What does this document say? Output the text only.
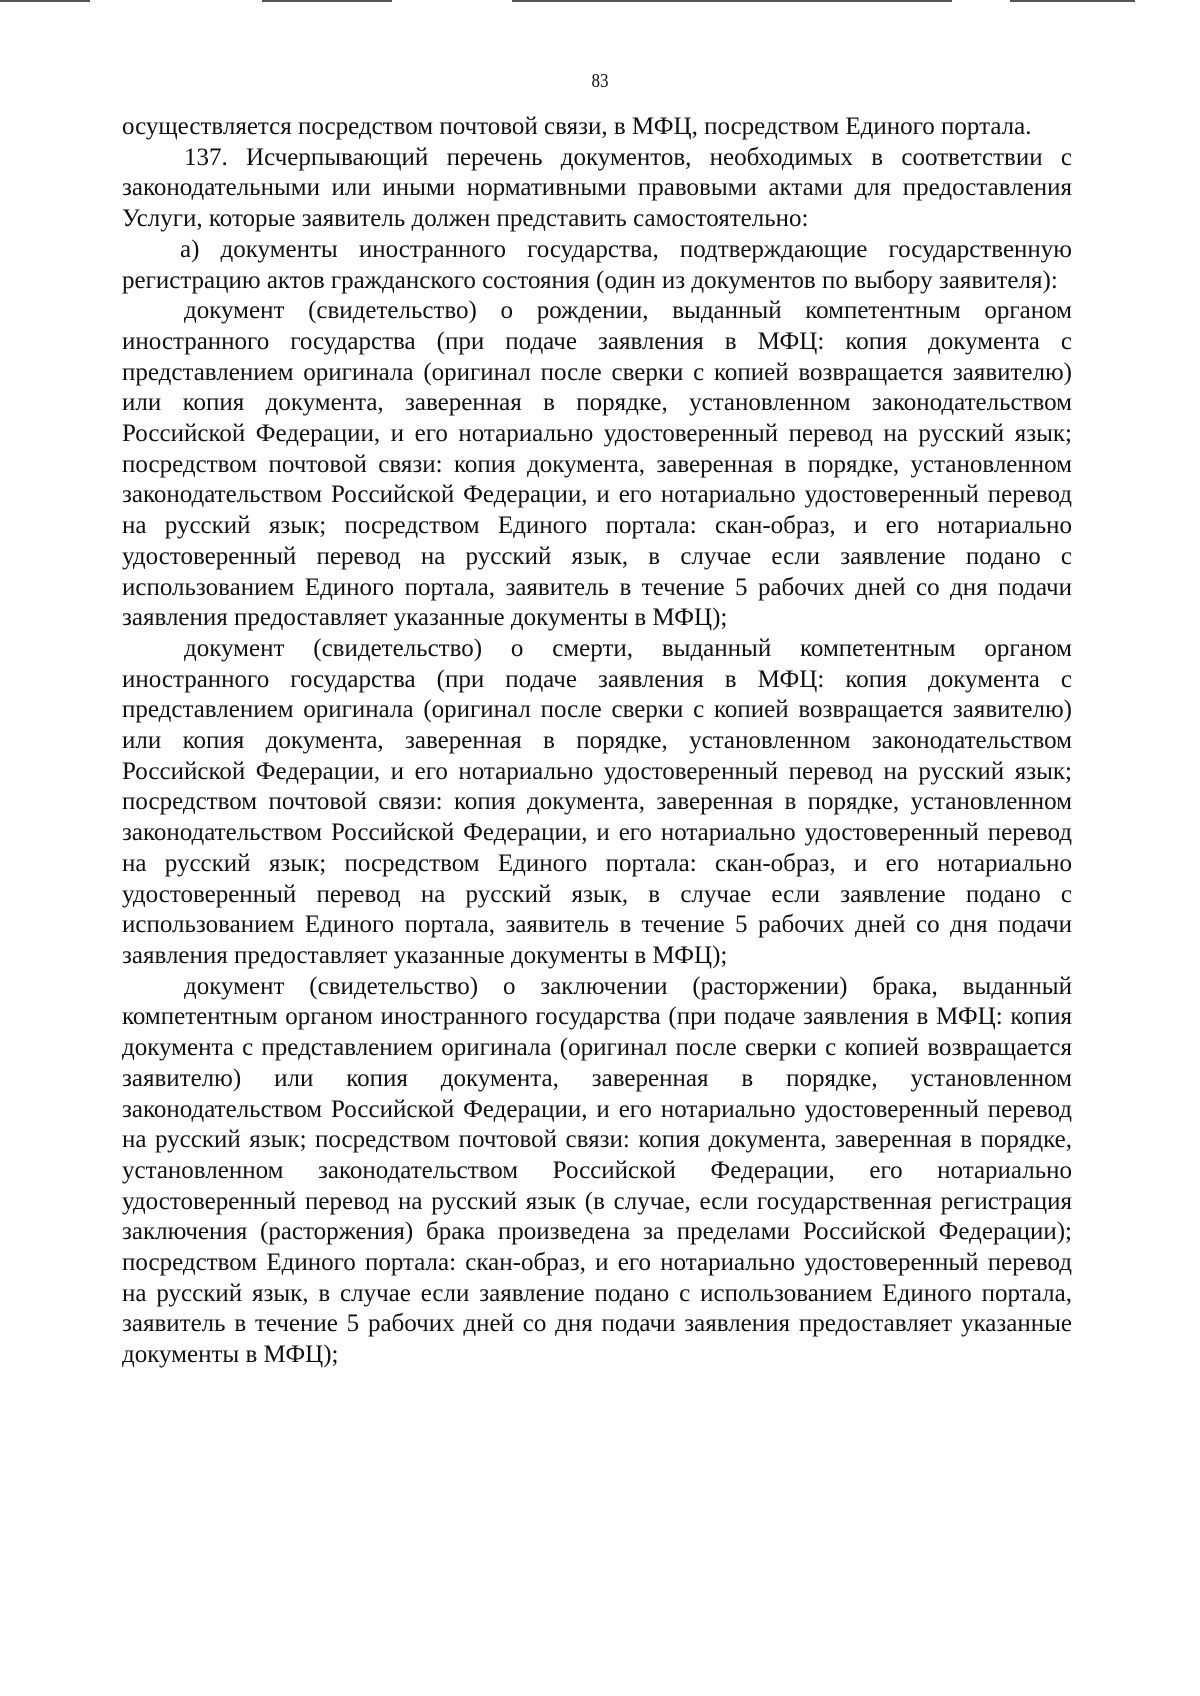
83

осуществляется посредством почтовой связи, в МФЦ, посредством Единого портала.

137. Исчерпывающий перечень документов, необходимых в соответствии с законодательными или иными нормативными правовыми актами для предоставления Услуги, которые заявитель должен представить самостоятельно:

а) документы иностранного государства, подтверждающие государственную регистрацию актов гражданского состояния (один из документов по выбору заявителя):

документ (свидетельство) о рождении, выданный компетентным органом иностранного государства (при подаче заявления в МФЦ: копия документа с представлением оригинала (оригинал после сверки с копией возвращается заявителю) или копия документа, заверенная в порядке, установленном законодательством Российской Федерации, и его нотариально удостоверенный перевод на русский язык; посредством почтовой связи: копия документа, заверенная в порядке, установленном законодательством Российской Федерации, и его нотариально удостоверенный перевод на русский язык; посредством Единого портала: скан-образ, и его нотариально удостоверенный перевод на русский язык, в случае если заявление подано с использованием Единого портала, заявитель в течение 5 рабочих дней со дня подачи заявления предоставляет указанные документы в МФЦ);

документ (свидетельство) о смерти, выданный компетентным органом иностранного государства (при подаче заявления в МФЦ: копия документа с представлением оригинала (оригинал после сверки с копией возвращается заявителю) или копия документа, заверенная в порядке, установленном законодательством Российской Федерации, и его нотариально удостоверенный перевод на русский язык; посредством почтовой связи: копия документа, заверенная в порядке, установленном законодательством Российской Федерации, и его нотариально удостоверенный перевод на русский язык; посредством Единого портала: скан-образ, и его нотариально удостоверенный перевод на русский язык, в случае если заявление подано с использованием Единого портала, заявитель в течение 5 рабочих дней со дня подачи заявления предоставляет указанные документы в МФЦ);

документ (свидетельство) о заключении (расторжении) брака, выданный компетентным органом иностранного государства (при подаче заявления в МФЦ: копия документа с представлением оригинала (оригинал после сверки с копией возвращается заявителю) или копия документа, заверенная в порядке, установленном законодательством Российской Федерации, и его нотариально удостоверенный перевод на русский язык; посредством почтовой связи: копия документа, заверенная в порядке, установленном законодательством Российской Федерации, его нотариально удостоверенный перевод на русский язык (в случае, если государственная регистрация заключения (расторжения) брака произведена за пределами Российской Федерации); посредством Единого портала: скан-образ, и его нотариально удостоверенный перевод на русский язык, в случае если заявление подано с использованием Единого портала, заявитель в течение 5 рабочих дней со дня подачи заявления предоставляет указанные документы в МФЦ);
